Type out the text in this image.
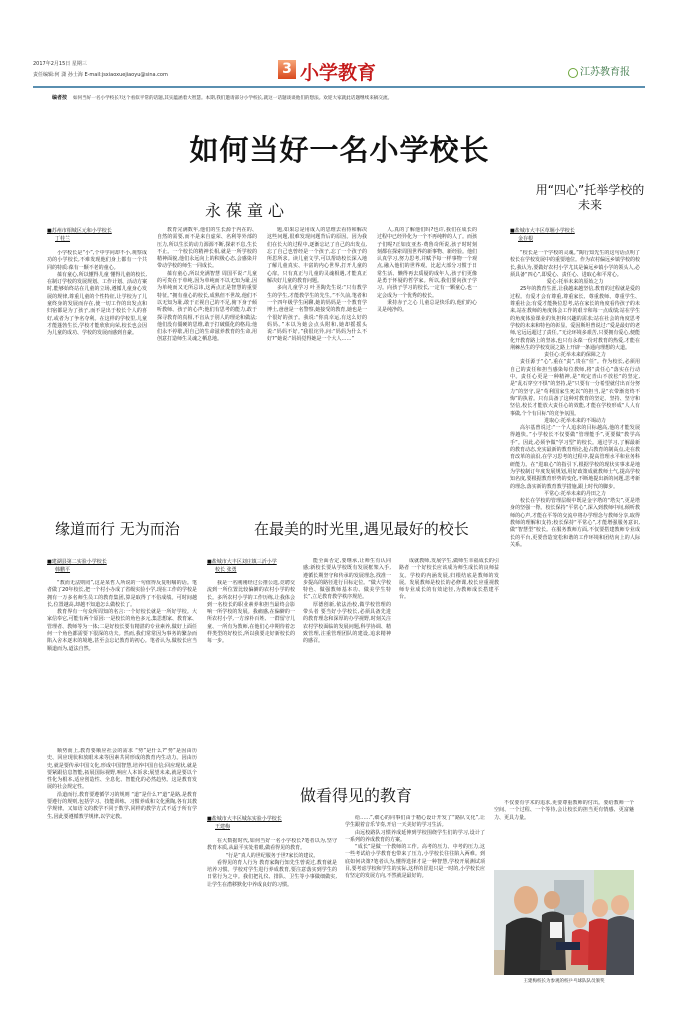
2017年2月15日 星期三
责任编辑:何 潇 孙士海 E-mail:jsxiaoxuejiaoyu@sina.com	3 小学教育	江苏教育报
编者按 如何当好一名小学校长?这个看似平常的话题,其实蕴涵着大智慧。本期,我们邀请部分小学校长,就这一话题谈谈他们的想法。欢迎大家就此话题继续来稿交流。
如何当好一名小学校长
永葆童心
■苏州市相城区元和小学校长
丁桂兰

小学校长是“小”,个中学问却不小,观察成功的小学校长,不难发现他们身上都有一个共同的特质:葆有一颗不老的童心。

葆有童心,所以懂得儿童 懂得儿童的校长,在制订学校的发展规划、工作计划、活动方案时,能够始终站在儿童的立场,遵循儿童身心发展的规律,尊重儿童的个性特征,让学校为了儿童终身的发展而存在,使一切工作的出发点和归宿都是为了孩子,而不是出于校长个人的喜好,或者为了争名夺利。在这样的学校里,儿童才能蓬勃生长,学校才能欣欣向荣,校长也会因为儿童的成功、学校的发展而感到自豪。

教育完满数年,他们的生长源于内在的、自然的需要,而不是来自虚荣、名利等外部的压力,所以生长的动力源源不断,探索不息,生长不止。一个校长的精神长相,就是一所学校的精神面貌,他们永远向上的积极心态,会感染并带动学校的师生一同成长。

葆有童心,所以充满智慧 周国平说:“儿童的可贵在于单纯,因为单纯而不以无知为耻,因为单纯而又无所忌讳,这两点正是智慧的重要特征。”拥有童心的校长,成熟但不世故,他们不以无知为耻,敢于正视自己的不足,俯下身子倾听教师、孩子的心声;他们有思考的能力,敢于探寻教育的真相,不盲从于别人的理论和做法;他们没有僵硬的思维,敢于打破僵化的格局;他们永不停歇,用自己的生命滋养教育的生命,用创意打造师生灵魂之栖息地。

题,如果总是用成人的思维去看待和解决这些问题,很难发现问题背后的原因。因为我们在长大的过程中,逐渐忘记了自己的出发点,忘了自己也曾经是一个孩子,忘了一个孩子的所思所求。读儿童文学,可以帮助校长深入地了解儿童真实、丰富的内心世界,打开儿童的心扉。只有真正与儿童的灵魂相遇,才能真正解决好儿童的教育问题。

多向儿童学习 叶圣陶先生说:“只有教学生的学生,才能教学生的先生。”不久前,笔者和一个四年级学生闲聊,她的妈妈是一个教育学博士,爸爸是一名警察,她接受的教育,她也是一个很好的孩子。我说:“你真幸运,有这么好的妈妈。”本以为她会点头附和,她却摇摇头说:“妈妈不好。”我很诧异,问:“妈妈为什么不好?”她说:“妈妈觉得她是一个大人……”

人,真的了解他们吗?也许,我们在成长的过程中已经异化为一个不再纯粹的人了。而孩子们呢?正如皮亚杰·费鲁奇所说,孩子时时刻刻都在探索周围世界的新事物、新经验。他们认真学习,努力思考,并赋予每一样事物一个观点,融入他们的世界观。比起大部分习惯于日常生活、懒得再去质疑的成年人,孩子们更像是勇于怀疑的哲学家。所以,我们要向孩子学习。向孩子学习的校长,一定有一颗童心,也一定会成为一个优秀的校长。

秉持赤子之心 儿童总是快乐的,他们的心灵是纯净的。

用“四心”托举学校的未来
■盐城市大丰区草堰小学校长
金存根

“校长是一个学校的灵魂。”陶行知先生的这句话点明了校长在学校发展中的重要地位。作为农村偏远乡镇学校的校长,我认为,要做好农村小学尤其是偏远乡镇小学的领头人,必须具备“四心”,即爱心、责任心、进取心和平常心。

爱心:托举未来的原始之力

25年的教育生涯,让我越来越坚信,教育的过程就是爱的过程。有爱才会有尊重,尊重家长、尊重教师、尊重学生、尊重社会;有爱才能换位思考,站在家长的角度看待孩子的未来,站在教师的角度体会工作的艰辛和每一点成绩;站在学生的角度体验课业的负担和兴趣的需求;站在社会的角度思考学校的未来和特色的彰显。爱因斯坦曾说过:“爱是最好的老师,它远远超过了责任。”无论环境多艰苦,只要拥有爱心,便能化开教育路上的坚冰,也只有永葆一份对教育的热爱,才能在荆棘丛生的学校发展之路上开辟一条通向理想的大道。

责任心:托举未来的保障之力

责任源于“心”,重在“责”,贵在“任”。作为校长,必须用自己的责任和担当感染每位教师,将“责任心”落实在行动中。责任心更是一种精神,是“咬定青山不放松”的坚定,是“乱石穿空不惧”的坚持,是“只要有一分希望就付出百分努力”的坚守,是“苟利国家生死以”的担当,是“衣带渐宽终不悔”的执着。只有具备了这种对教育的坚定、坚持、坚守和坚信,校长才能放大责任心的效能,才能在学校形成“人人有事做,个个有目标”的竞争氛围。

进取心:托举未来的不竭动力

高尔基曾说过:“一个人追求的目标越高,他的才能发展得越快。”小学校长不仅要做“管理能手”,更要做“教学高手”。因此,必须争做“学习型”的校长。通过学习,了解最新的教育动态,充实最新的教育理论,抢占教育的制高点,走在教育改革的前沿,在学习思考的过程中,提高管理水平和业务科研能力。在“进取心”的指引下,根据学校的现状实事求是地为学校制订年度发展规划,用好政策成就教师士气,提高学校知名度,要根据教育形势的变化,不断地提出新的问题,思考新的理念,落实新的教育教学措施,跟上时代的脚步。

平常心:托举未来的丹田之力

校长在学校的管理层级中既是金字塔的“塔尖”,更是塔身的坚强一脊。校长保持“平常心”,深入到教师中间,倾听教师的心声,才能在平等的交流中将办学理念与教师分享,取得教师的理解和支持;校长保持“平常心”,才能增强服务意识,做“智慧型”校长。在服务教师方面,不仅要搭建教师专业成长的平台,更要营造宽松和谐的工作环境和团结向上的人际关系。

缘道而行 无为而治
■建湖县第二实验小学校长
韩鹏平

“教而无法则罔”,这是某哲人所说的一句值得反复咀嚼的话。笔者做了20年校长,把一个村小办成了省级实验小学,现在工作的学校是拥有一万多名师生员工的教育集团,算是取得了不俗成绩。可时间越长,位置越高,却越不知道怎么做校长了。

教育界有一句众所周知的名言:一个好校长就是一所好学校。大家信奉它,可能有两个原因:一是校长的角色多元,集思想家、教育家、管理者、教师等为一体;二是好校长要有精湛的专业素养,做好上面任何一个角色都需要下很深的功夫。然而,我们常常因为事务的繁杂而陷入舍本逐末的境地,甚至会忘记教育的初心。笔者认为,做校长应当顺道而为,道法自然。

顺势而上,教育要顺应社会的需求 “势”是什么?“势”是因由历史、回应现状和放眼未来等因素共同形成的教育内生动力。因由历史,就是要传承中国文化,形成中国智慧,培养中国自信;回应现状,就是要紧跟信息智能,拓展国际视野,响应人本诉求;展望未来,就是要以个性化为根本,适应创造性、全息化、智能化的必然趋势。这是教育发展的社会规定性。

沿道而行,教育要遵循学习的规则 “道”是什么?“道”是路,是教育要遵行的规则,包括学习、技能训练、习惯养成和文化熏陶,各有其教学规律。又如语文的教学不同于数学,同样的教学方式不适于所有学生,因此要遵循教学规律,以学定教。

在最美的时光里,遇见最好的校长
■盐城市大丰区刘庄镇三沂小学
校长 张勇

我是一名刚刚经过公推公选,竞聘交流到一所位置比较偏僻的农村小学的校长。多所农村小学的工作历练,让我体会到一名校长的职业素养和担当最终会影响一所学校的发展。我痛感,在偏僻的一所农村小学,一方淳朴百姓、一群留守儿童、一所有为教师,在他们心中期待着怎样类型的好校长,所以我要走好新校长的每一步。

能全面否定,要继承,让师生有认同感;新校长要从学校既有发展框架入手,遵循长期坚守和传承的发展理念,找准一步提高的路径进行目标定位。“做大学校特色、做强教师基本功、做美学生特长”,立足教育教学秩序规范。

厚德创新,依法治校,做学校管理的带头者 要当好小学校长,必须具备先进的教育理念和深厚的办学视野,时刻关注农村学校面临的发展问题,科学协调、精致管理,注重管理团队的建设,追求精神的感召。

成就教师,发展学生,做师生幸福成长的引路者 一个好校长应该成为师生成长的良师益友。学校的内涵发展,归根结底是教师的发展。发展教师是校长的必修课,校长应重视教师专业成长的有效途径,为教师成长搭建平台。

做看得见的教育
■盐城市大丰区城东实验小学校长
王建梅

在大数据时代,如何当好一名小学校长?笔者以为,坚守教育本质,从最平实处着眼,做看得见的教育。

“行是”真人的世纪服务于世?家长的建议。

看得见的育人行为 教育家陶行知先生曾说过,教育就是培养习惯。学校对学生进行养成教育,要注意落实到学生的日常行为之中。我们把礼仪、排队、卫生等小事做细做实,让学生在潜移默化中养成良好的习惯。

给……”,细心的同事们由于精心设计开发了“路队文化”,让学生跟着音乐节奏,开启一天美好的学习生活。

由远校路队习惯养成延伸到学校围绕学生们的学习,设计了一系列的养成教育的方案。

“成长”是做一个教师的工作。高考的压力、中考的压力,这一些考试给小学教育也带来了压力,小学校长往往陷入两难。到底如何决策?笔者认为,懂得选择才是一种智慧,学校开展测试项目,要考虑学校和学生的实际,这样的冒进只是一时的,小学校长应有坚定的发展方向,不然就是最好的。

不仅要有学术的追求,更要尊重教师的付出。要给教师一个空间、一个过程、一个等待,会让校长的担当更有情感、更富魅力、更具力量。

王建梅校长为参观的校乒乓球队队员颁奖
